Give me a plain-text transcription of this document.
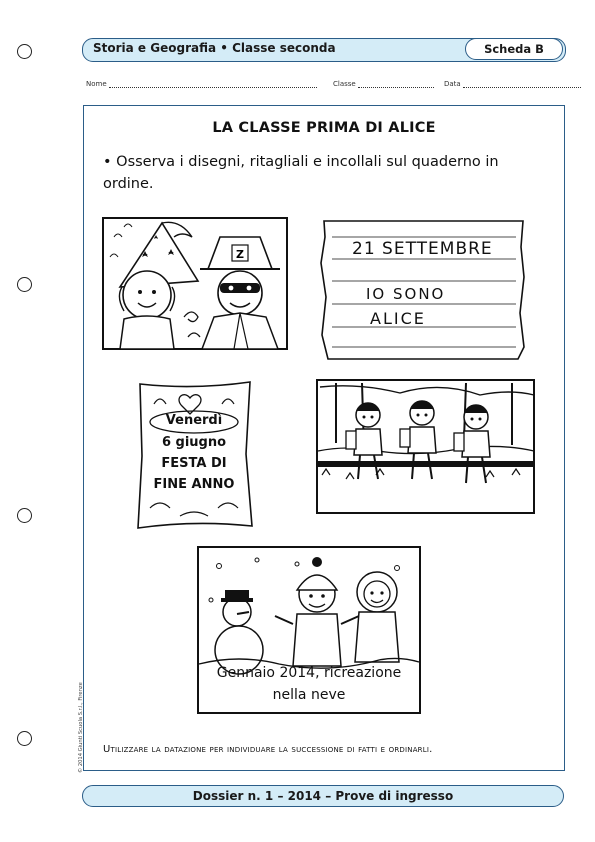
Storia e Geografia • Classe seconda	Scheda B
Nome	Classe	Data
LA CLASSE PRIMA DI ALICE
• Osserva i disegni, ritagliali e incollali sul quaderno in ordine.
Z	21 SETTEMBRE
IO SONO
ALICE
Venerdì
6 giugno
FESTA DI
FINE ANNO
Gennaio 2014, ricreazione
nella neve
Utilizzare la datazione per individuare la successione di fatti e ordinarli.
© 2014 Giunti Scuola S.r.l., Firenze
Dossier n. 1 – 2014 – Prove di ingresso
